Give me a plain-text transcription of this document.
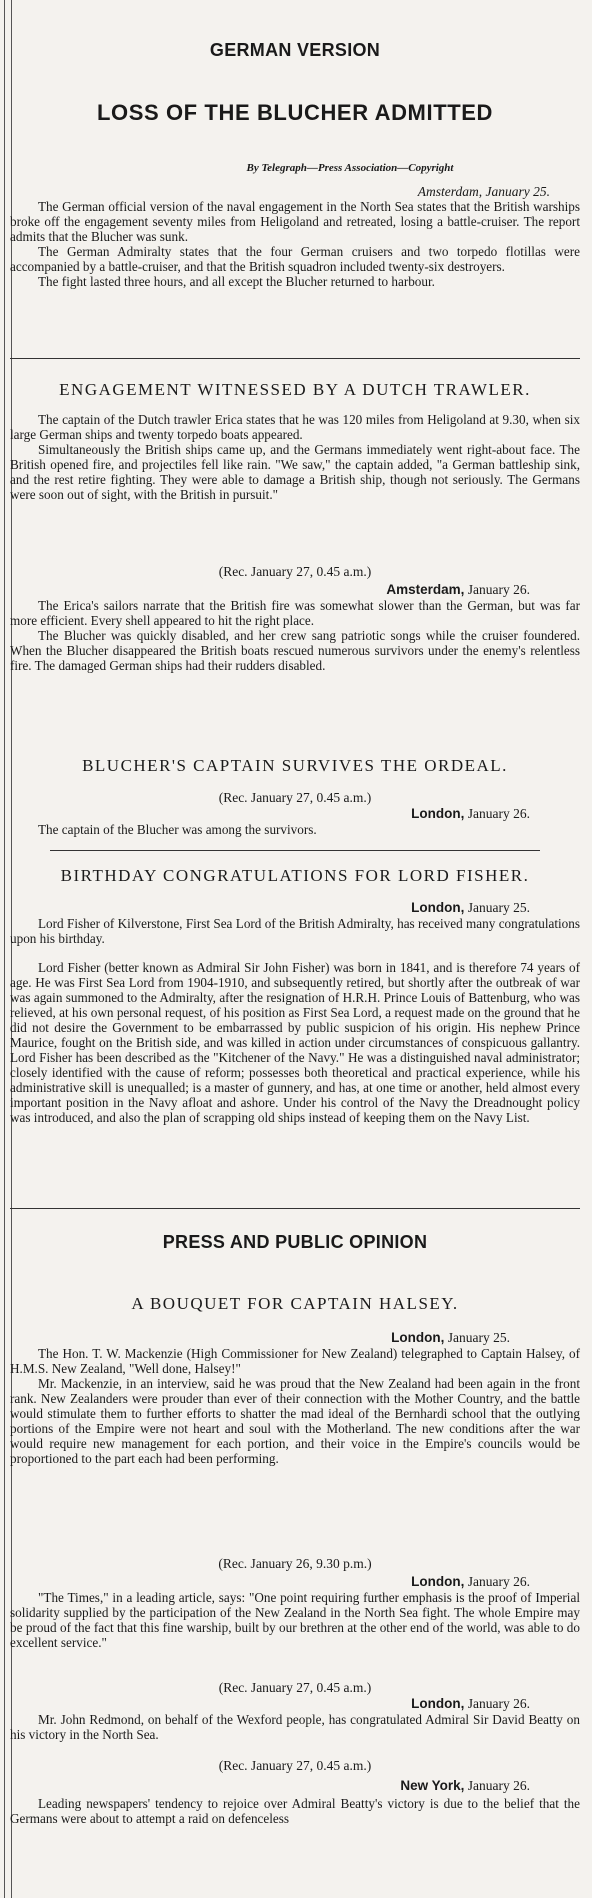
GERMAN VERSION
LOSS OF THE BLUCHER ADMITTED
By Telegraph—Press Association—Copyright
Amsterdam, January 25.

The German official version of the naval engagement in the North Sea states that the British warships broke off the engagement seventy miles from Heligoland and retreated, losing a battle-cruiser. The report admits that the Blucher was sunk.

The German Admiralty states that the four German cruisers and two torpedo flotillas were accompanied by a battle-cruiser, and that the British squadron included twenty-six destroyers.

The fight lasted three hours, and all except the Blucher returned to harbour.

ENGAGEMENT WITNESSED BY A DUTCH TRAWLER.

The captain of the Dutch trawler Erica states that he was 120 miles from Heligoland at 9.30, when six large German ships and twenty torpedo boats appeared.

Simultaneously the British ships came up, and the Germans immediately went right-about face. The British opened fire, and projectiles fell like rain. "We saw," the captain added, "a German battleship sink, and the rest retire fighting. They were able to damage a British ship, though not seriously. The Germans were soon out of sight, with the British in pursuit."

(Rec. January 27, 0.45 a.m.)
Amsterdam, January 26.

The Erica's sailors narrate that the British fire was somewhat slower than the German, but was far more efficient. Every shell appeared to hit the right place.

The Blucher was quickly disabled, and her crew sang patriotic songs while the cruiser foundered. When the Blucher disappeared the British boats rescued numerous survivors under the enemy's relentless fire. The damaged German ships had their rudders disabled.

BLUCHER'S CAPTAIN SURVIVES THE ORDEAL.
(Rec. January 27, 0.45 a.m.)
London, January 26.

The captain of the Blucher was among the survivors.

BIRTHDAY CONGRATULATIONS FOR LORD FISHER.
London, January 25.

Lord Fisher of Kilverstone, First Sea Lord of the British Admiralty, has received many congratulations upon his birthday.

Lord Fisher (better known as Admiral Sir John Fisher) was born in 1841, and is therefore 74 years of age. He was First Sea Lord from 1904-1910, and subsequently retired, but shortly after the outbreak of war was again summoned to the Admiralty, after the resignation of H.R.H. Prince Louis of Battenburg, who was relieved, at his own personal request, of his position as First Sea Lord, a request made on the ground that he did not desire the Government to be embarrassed by public suspicion of his origin. His nephew Prince Maurice, fought on the British side, and was killed in action under circumstances of conspicuous gallantry. Lord Fisher has been described as the "Kitchener of the Navy." He was a distinguished naval administrator; closely identified with the cause of reform; possesses both theoretical and practical experience, while his administrative skill is unequalled; is a master of gunnery, and has, at one time or another, held almost every important position in the Navy afloat and ashore. Under his control of the Navy the Dreadnought policy was introduced, and also the plan of scrapping old ships instead of keeping them on the Navy List.

PRESS AND PUBLIC OPINION
A BOUQUET FOR CAPTAIN HALSEY.
London, January 25.

The Hon. T. W. Mackenzie (High Commissioner for New Zealand) telegraphed to Captain Halsey, of H.M.S. New Zealand, "Well done, Halsey!"

Mr. Mackenzie, in an interview, said he was proud that the New Zealand had been again in the front rank. New Zealanders were prouder than ever of their connection with the Mother Country, and the battle would stimulate them to further efforts to shatter the mad ideal of the Bernhardi school that the outlying portions of the Empire were not heart and soul with the Motherland. The new conditions after the war would require new management for each portion, and their voice in the Empire's councils would be proportioned to the part each had been performing.

(Rec. January 26, 9.30 p.m.)
London, January 26.

"The Times," in a leading article, says: "One point requiring further emphasis is the proof of Imperial solidarity supplied by the participation of the New Zealand in the North Sea fight. The whole Empire may be proud of the fact that this fine warship, built by our brethren at the other end of the world, was able to do excellent service."

(Rec. January 27, 0.45 a.m.)
London, January 26.

Mr. John Redmond, on behalf of the Wexford people, has congratulated Admiral Sir David Beatty on his victory in the North Sea.

(Rec. January 27, 0.45 a.m.)
New York, January 26.

Leading newspapers' tendency to rejoice over Admiral Beatty's victory is due to the belief that the Germans were about to attempt a raid on defenceless
